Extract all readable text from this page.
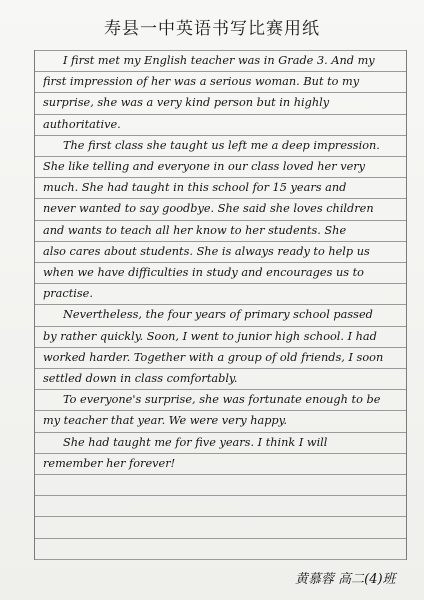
寿县一中英语书写比赛用纸
I first met my English teacher was in Grade 3. And my
first impression of her was a serious woman. But to my
surprise, she was a very kind person but in highly
authoritative.
The first class she taught us left me a deep impression.
She like telling and everyone in our class loved her very
much. She had taught in this school for 15 years and
never wanted to say goodbye. She said she loves children
and wants to teach all her know to her students. She
also cares about students. She is always ready to help us
when we have difficulties in study and encourages us to
practise.
Nevertheless, the four years of primary school passed
by rather quickly. Soon, I went to junior high school. I had
worked harder. Together with a group of old friends, I soon
settled down in class comfortably.
To everyone's surprise, she was fortunate enough to be
my teacher that year. We were very happy.
She had taught me for five years. I think I will
remember her forever!
黄慕蓉 高二(4)班
